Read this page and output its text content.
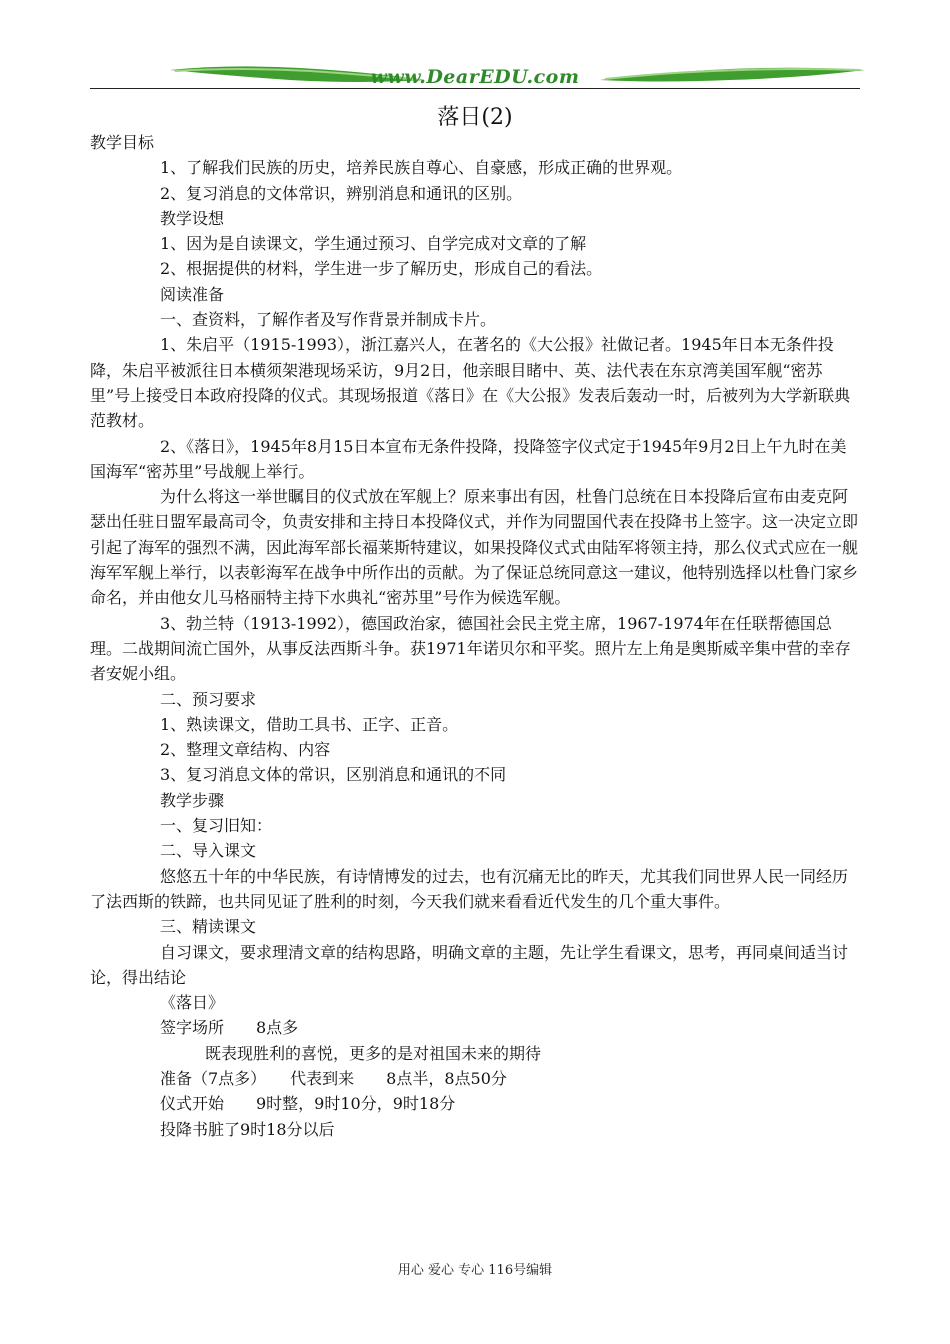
www.DearEDU.com
落日(2)

教学目标

1、了解我们民族的历史，培养民族自尊心、自豪感，形成正确的世界观。

2、复习消息的文体常识，辨别消息和通讯的区别。

教学设想

1、因为是自读课文，学生通过预习、自学完成对文章的了解

2、根据提供的材料，学生进一步了解历史，形成自己的看法。

阅读准备

一、查资料，了解作者及写作背景并制成卡片。

1、朱启平（1915-1993），浙江嘉兴人，在著名的《大公报》社做记者。1945年日本无条件投降，朱启平被派往日本横须架港现场采访，9月2日，他亲眼目睹中、英、法代表在东京湾美国军舰“密苏里”号上接受日本政府投降的仪式。其现场报道《落日》在《大公报》发表后轰动一时，后被列为大学新联典范教材。

2、《落日》，1945年8月15日本宣布无条件投降，投降签字仪式定于1945年9月2日上午九时在美国海军“密苏里”号战舰上举行。

为什么将这一举世瞩目的仪式放在军舰上？原来事出有因，杜鲁门总统在日本投降后宣布由麦克阿瑟出任驻日盟军最高司令，负责安排和主持日本投降仪式，并作为同盟国代表在投降书上签字。这一决定立即引起了海军的强烈不满，因此海军部长福莱斯特建议，如果投降仪式式由陆军将领主持，那么仪式式应在一舰海军军舰上举行，以表彰海军在战争中所作出的贡献。为了保证总统同意这一建议，他特别选择以杜鲁门家乡命名，并由他女儿马格丽特主持下水典礼“密苏里”号作为候选军舰。

3、勃兰特（1913-1992），德国政治家，德国社会民主党主席，1967-1974年在任联帮德国总理。二战期间流亡国外，从事反法西斯斗争。获1971年诺贝尔和平奖。照片左上角是奥斯威辛集中营的幸存者安妮小组。

二、预习要求

1、熟读课文，借助工具书、正字、正音。

2、整理文章结构、内容

3、复习消息文体的常识，区别消息和通讯的不同

教学步骤

一、复习旧知：

二、导入课文

悠悠五十年的中华民族，有诗情博发的过去，也有沉痛无比的昨天，尤其我们同世界人民一同经历了法西斯的铁蹄，也共同见证了胜利的时刻，今天我们就来看看近代发生的几个重大事件。

三、精读课文

自习课文，要求理清文章的结构思路，明确文章的主题，先让学生看课文，思考，再同桌间适当讨论，得出结论

《落日》

签字场所　　8点多

既表现胜利的喜悦，更多的是对祖国未来的期待

准备（7点多）　　代表到来　　8点半，8点50分

仪式开始　　9时整，9时10分，9时18分

投降书脏了9时18分以后

用心 爱心 专心 116号编辑
